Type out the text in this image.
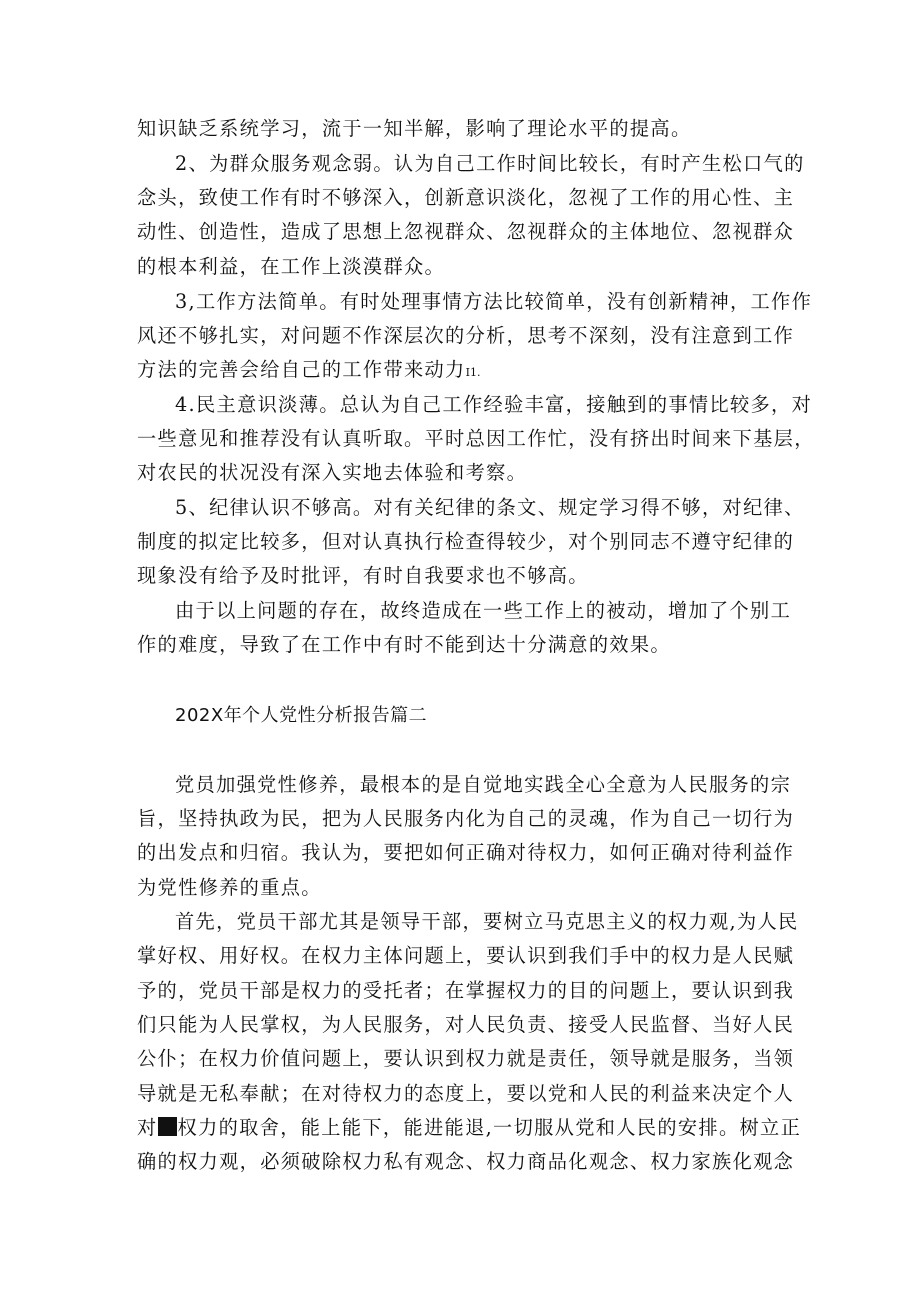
知识缺乏系统学习，流于一知半解，影响了理论水平的提高。
2、为群众服务观念弱。认为自己工作时间比较长，有时产生松口气的
念头，致使工作有时不够深入，创新意识淡化，忽视了工作的用心性、主
动性、创造性，造成了思想上忽视群众、忽视群众的主体地位、忽视群众
的根本利益，在工作上淡漠群众。
3,工作方法简单。有时处理事情方法比较简单，没有创新精神，工作作
风还不够扎实，对问题不作深层次的分析，思考不深刻，没有注意到工作
方法的完善会给自己的工作带来动力I1.
4.民主意识淡薄。总认为自己工作经验丰富，接触到的事情比较多，对
一些意见和推荐没有认真听取。平时总因工作忙，没有挤出时间来下基层，
对农民的状况没有深入实地去体验和考察。
5、纪律认识不够高。对有关纪律的条文、规定学习得不够，对纪律、
制度的拟定比较多，但对认真执行检查得较少，对个别同志不遵守纪律的
现象没有给予及时批评，有时自我要求也不够高。
由于以上问题的存在，故终造成在一些工作上的被动，增加了个别工
作的难度，导致了在工作中有时不能到达十分满意的效果。
202X年个人党性分析报告篇二
党员加强党性修养，最根本的是自觉地实践全心全意为人民服务的宗
旨，坚持执政为民，把为人民服务内化为自己的灵魂，作为自己一切行为
的出发点和归宿。我认为，要把如何正确对待权力，如何正确对待利益作
为党性修养的重点。
首先，党员干部尤其是领导干部，要树立马克思主义的权力观,为人民
掌好权、用好权。在权力主体问题上，要认识到我们手中的权力是人民赋
予的，党员干部是权力的受托者；在掌握权力的目的问题上，要认识到我
们只能为人民掌权，为人民服务，对人民负责、接受人民监督、当好人民
公仆；在权力价值问题上，要认识到权力就是责任，领导就是服务，当领
导就是无私奉献；在对待权力的态度上，要以党和人民的利益来决定个人
对 权力的取舍，能上能下，能进能退,一切服从党和人民的安排。树立正
确的权力观，必须破除权力私有观念、权力商品化观念、权力家族化观念
